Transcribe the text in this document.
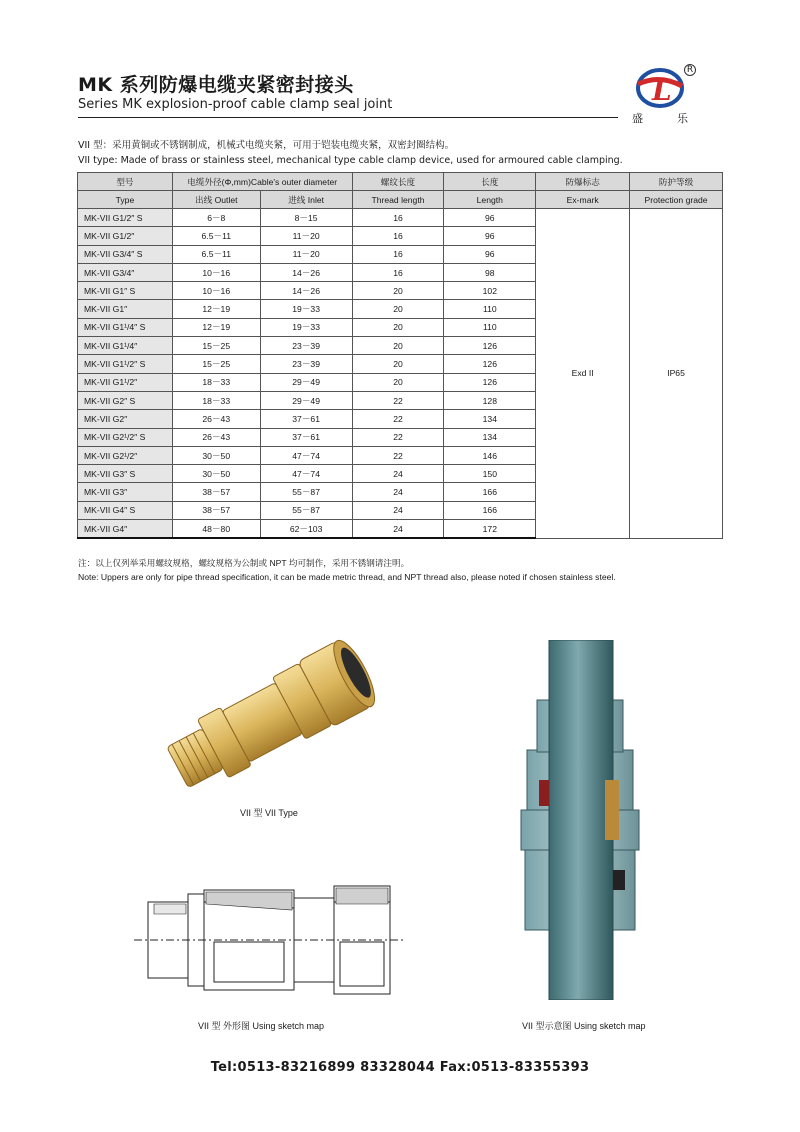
MK 系列防爆电缆夹紧密封接头
Series MK explosion-proof cable clamp seal joint	L
R
盛	乐
VII 型：采用黄铜或不锈钢制成，机械式电缆夹紧，可用于铠装电缆夹紧，双密封圈结构。
VII type: Made of brass or stainless steel, mechanical type cable clamp device, used for armoured cable clamping.
型号	电缆外径(Φ,mm)Cable's outer diameter		螺纹长度	长度	防爆标志	防护等级
Type	出线 Outlet	进线 Inlet	Thread length	Length	Ex-mark	Protection grade
MK-VII G1/2″ S	6－8	8－15	16	96	Exd II	IP65
MK-VII G1/2″	6.5－11	11－20	16	96		
MK-VII G3/4″ S	6.5－11	11－20	16	96		
MK-VII G3/4″	10－16	14－26	16	98		
MK-VII G1″ S	10－16	14－26	20	102		
MK-VII G1″	12－19	19－33	20	110		
MK-VII G1¹/4″ S	12－19	19－33	20	110		
MK-VII G1¹/4″	15－25	23－39	20	126		
MK-VII G1¹/2″ S	15－25	23－39	20	126		
MK-VII G1¹/2″	18－33	29－49	20	126		
MK-VII G2″ S	18－33	29－49	22	128		
MK-VII G2″	26－43	37－61	22	134		
MK-VII G2¹/2″ S	26－43	37－61	22	134		
MK-VII G2¹/2″	30－50	47－74	22	146		
MK-VII G3″ S	30－50	47－74	24	150		
MK-VII G3″	38－57	55－87	24	166		
MK-VII G4″ S	38－57	55－87	24	166		
MK-VII G4″	48－80	62－103	24	172		
注：以上仅列举采用螺纹规格，螺纹规格为公制或 NPT 均可制作，采用不锈钢请注明。
Note: Uppers are only for pipe thread specification, it can be made metric thread, and NPT thread also, please noted if chosen stainless steel.
VII 型 VII Type
VII 型 外形图 Using sketch map	VII 型示意图 Using sketch map
Tel:0513-83216899 83328044 Fax:0513-83355393
